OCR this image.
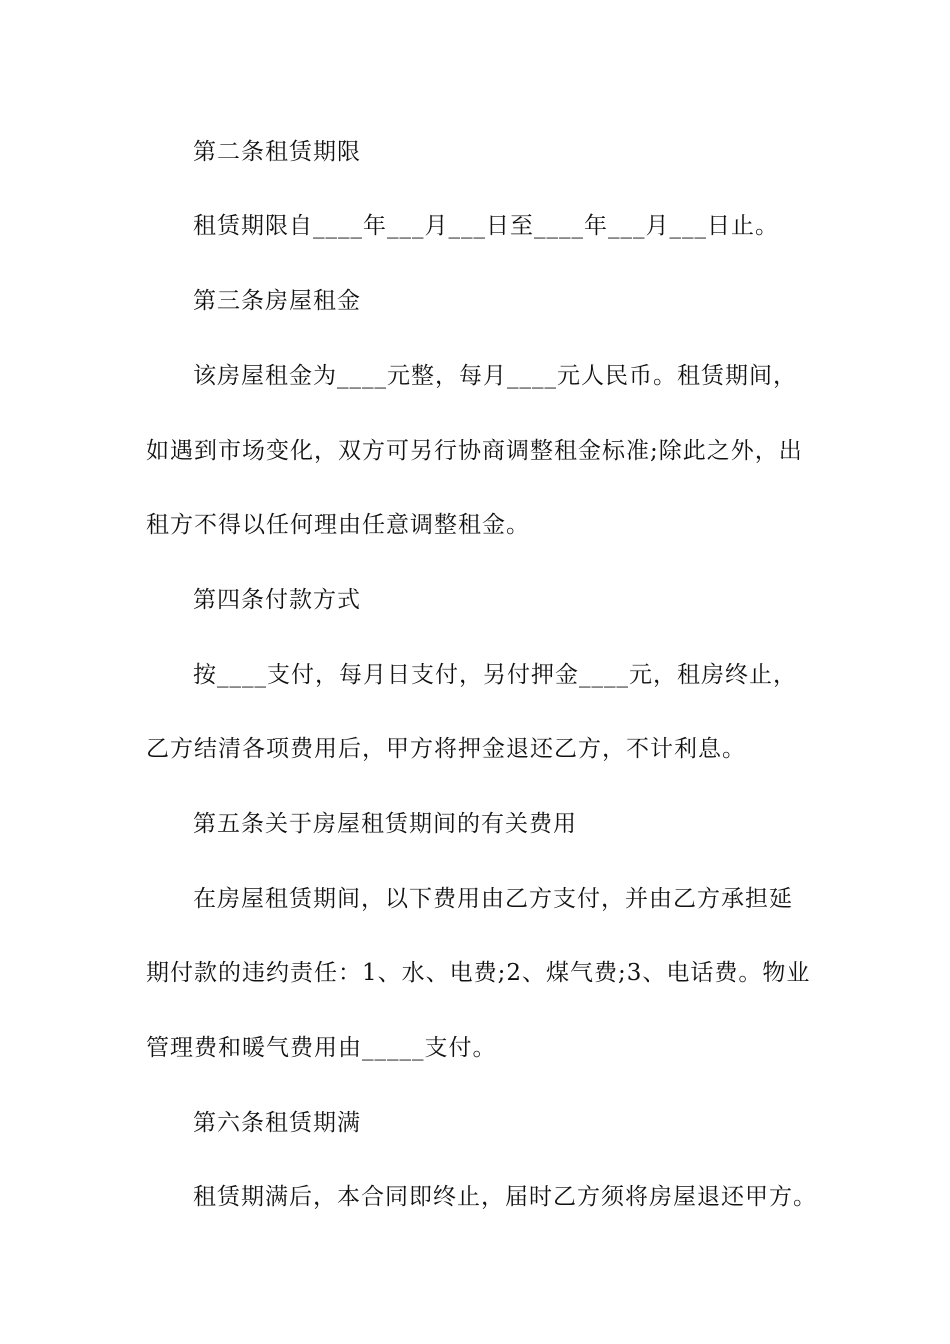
第二条租赁期限
租赁期限自____年___月___日至____年___月___日止。
第三条房屋租金
该房屋租金为____元整，每月____元人民币。租赁期间，
如遇到市场变化，双方可另行协商调整租金标准;除此之外，出
租方不得以任何理由任意调整租金。
第四条付款方式
按____支付，每月日支付，另付押金____元，租房终止，
乙方结清各项费用后，甲方将押金退还乙方，不计利息。
第五条关于房屋租赁期间的有关费用
在房屋租赁期间，以下费用由乙方支付，并由乙方承担延
期付款的违约责任：1、水、电费;2、煤气费;3、电话费。物业
管理费和暖气费用由_____支付。
第六条租赁期满
租赁期满后，本合同即终止，届时乙方须将房屋退还甲方。
